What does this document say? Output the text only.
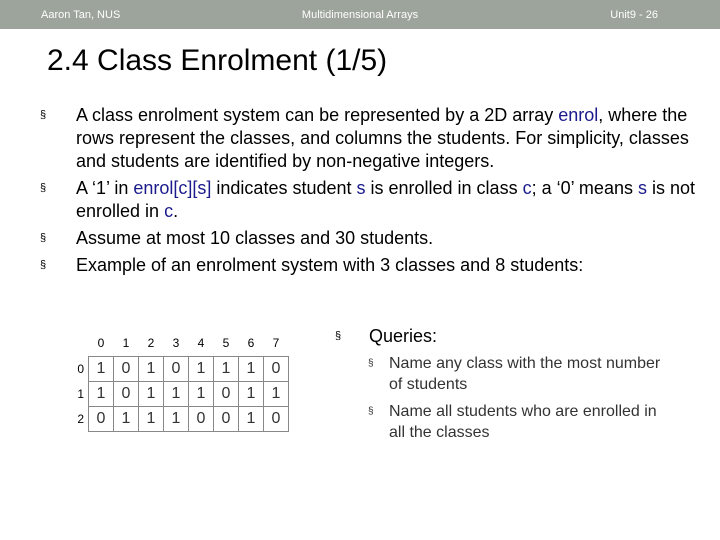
Aaron Tan, NUS	Multidimensional Arrays	Unit9 - 26
2.4 Class Enrolment (1/5)
§ A class enrolment system can be represented by a 2D array enrol, where the rows represent the classes, and columns the students. For simplicity, classes and students are identified by non-negative integers.
§ A ‘1’ in enrol[c][s] indicates student s is enrolled in class c; a ‘0’ means s is not enrolled in c.
§ Assume at most 10 classes and 30 students.
§ Example of an enrolment system with 3 classes and 8 students:
	0	1	2	3	4	5	6	7
0	1	0	1	0	1	1	1	0
1	1	0	1	1	1	0	1	1
2	0	1	1	1	0	0	1	0
§ Queries:
§ Name any class with the most number of students
§ Name all students who are enrolled in all the classes
